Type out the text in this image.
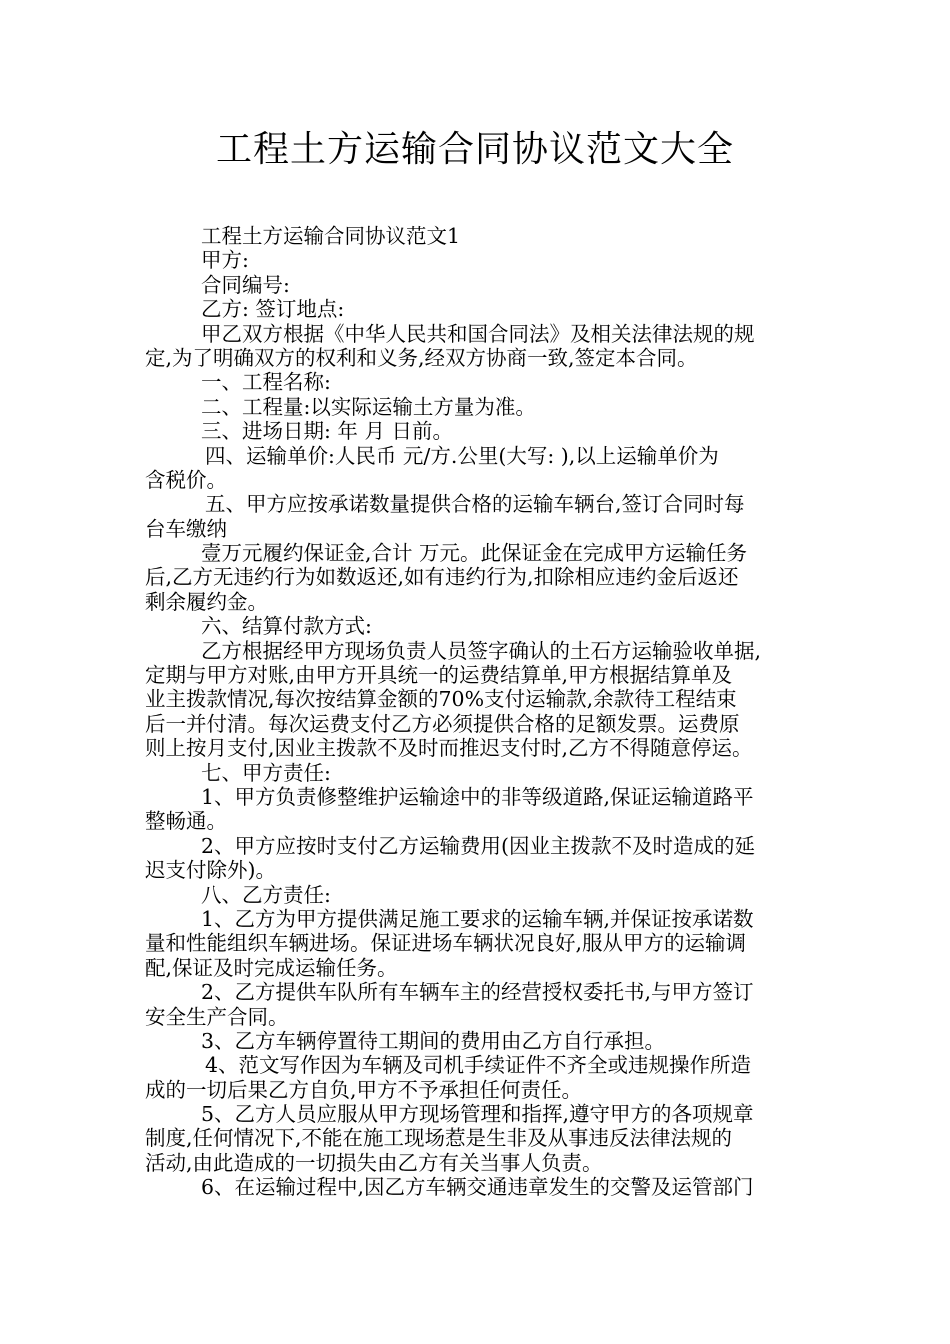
工程土方运输合同协议范文大全
工程土方运输合同协议范文1
甲方:
合同编号:
乙方: 签订地点:
甲乙双方根据《中华人民共和国合同法》及相关法律法规的规
定,为了明确双方的权利和义务,经双方协商一致,签定本合同。
一、工程名称:
二、工程量:以实际运输土方量为准。
三、进场日期: 年 月 日前。
四、运输单价:人民币 元/方.公里(大写: ),以上运输单价为
含税价。
五、甲方应按承诺数量提供合格的运输车辆台,签订合同时每
台车缴纳
壹万元履约保证金,合计 万元。此保证金在完成甲方运输任务
后,乙方无违约行为如数返还,如有违约行为,扣除相应违约金后返还
剩余履约金。
六、结算付款方式:
乙方根据经甲方现场负责人员签字确认的土石方运输验收单据,
定期与甲方对账,由甲方开具统一的运费结算单,甲方根据结算单及
业主拨款情况,每次按结算金额的70%支付运输款,余款待工程结束
后一并付清。每次运费支付乙方必须提供合格的足额发票。运费原
则上按月支付,因业主拨款不及时而推迟支付时,乙方不得随意停运。
七、甲方责任:
1、甲方负责修整维护运输途中的非等级道路,保证运输道路平
整畅通。
2、甲方应按时支付乙方运输费用(因业主拨款不及时造成的延
迟支付除外)。
八、乙方责任:
1、乙方为甲方提供满足施工要求的运输车辆,并保证按承诺数
量和性能组织车辆进场。保证进场车辆状况良好,服从甲方的运输调
配,保证及时完成运输任务。
2、乙方提供车队所有车辆车主的经营授权委托书,与甲方签订
安全生产合同。
3、乙方车辆停置待工期间的费用由乙方自行承担。
4、范文写作因为车辆及司机手续证件不齐全或违规操作所造
成的一切后果乙方自负,甲方不予承担任何责任。
5、乙方人员应服从甲方现场管理和指挥,遵守甲方的各项规章
制度,任何情况下,不能在施工现场惹是生非及从事违反法律法规的
活动,由此造成的一切损失由乙方有关当事人负责。
6、在运输过程中,因乙方车辆交通违章发生的交警及运管部门
